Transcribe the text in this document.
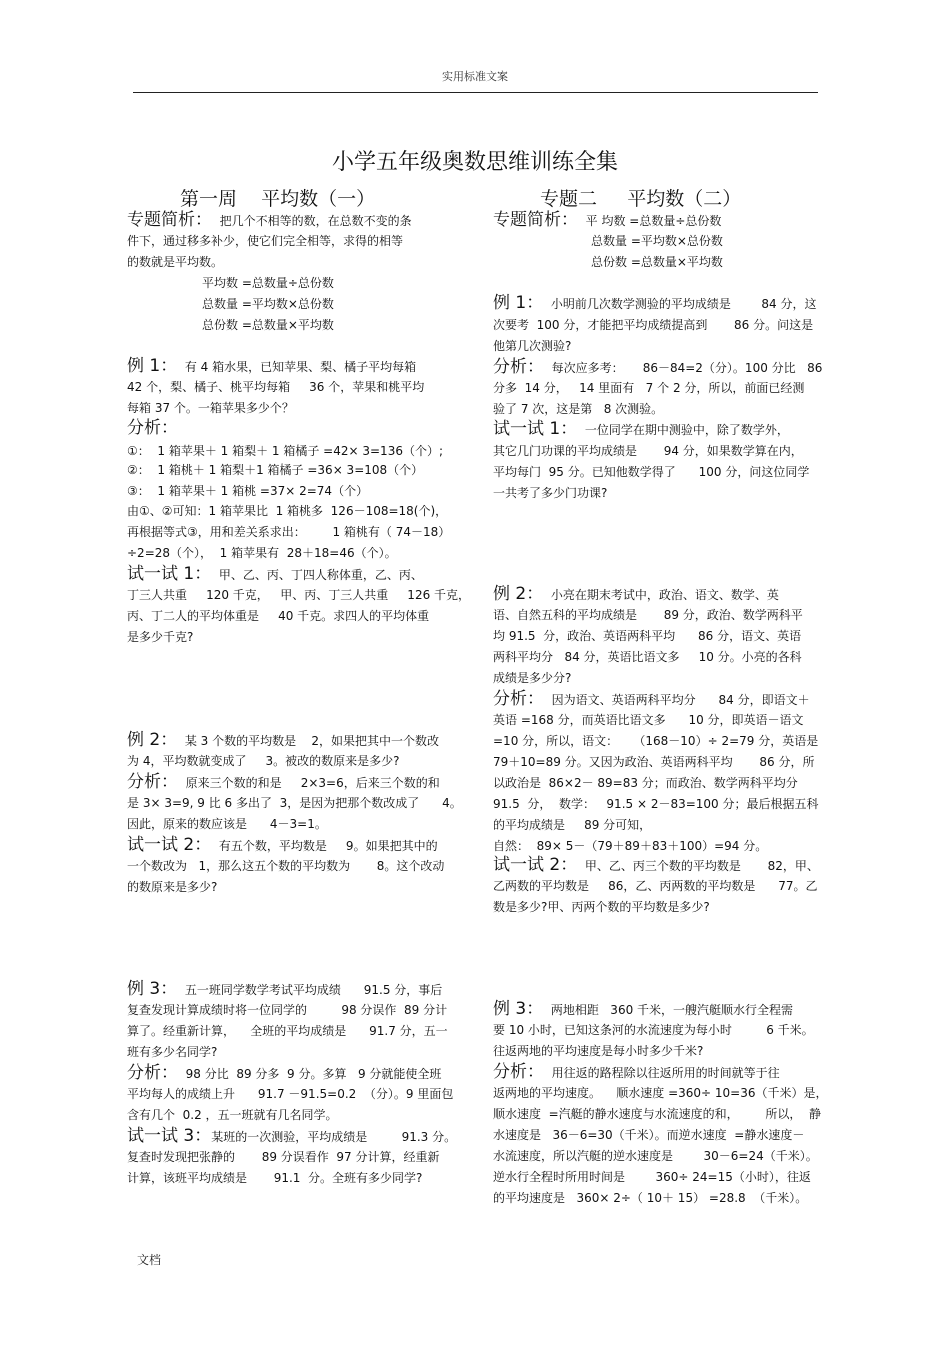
实用标准文案
小学五年级奥数思维训练全集
第一周    平均数（一）	专题二     平均数（二）
专题简析：  把几个不相等的数，在总数不变的条
件下，通过移多补少，使它们完全相等，求得的相等
的数就是平均数。
平均数 =总数量÷总份数
总数量 =平均数×总份数
总份数 =总数量×平均数
例 1：  有 4 箱水果，已知苹果、梨、橘子平均每箱
42 个，梨、橘子、桃平均每箱     36 个，苹果和桃平均
每箱 37 个。一箱苹果多少个？
分析：
①：  1 箱苹果＋ 1 箱梨＋ 1 箱橘子 =42× 3=136（个）;
②：  1 箱桃＋ 1 箱梨＋1 箱橘子 =36× 3=108（个）
③：  1 箱苹果＋ 1 箱桃 =37× 2=74（个）
由①、②可知：1 箱苹果比  1 箱桃多  126－108=18(个)，
再根据等式③，用和差关系求出：       1 箱桃有（ 74－18）
÷2=28（个），  1 箱苹果有  28＋18=46（个）。
试一试 1：  甲、乙、丙、丁四人称体重，乙、丙、
丁三人共重     120 千克，   甲、丙、丁三人共重     126 千克，
丙、丁二人的平均体重是     40 千克。求四人的平均体重
是多少千克?
例 2：  某 3 个数的平均数是    2，如果把其中一个数改
为 4，平均数就变成了     3。被改的数原来是多少?
分析：  原来三个数的和是     2×3=6，后来三个数的和
是 3× 3=9, 9 比 6 多出了  3，是因为把那个数改成了      4。
因此，原来的数应该是      4－3=1。
试一试 2：  有五个数，平均数是     9。如果把其中的
一个数改为   1，那么这五个数的平均数为       8。这个改动
的数原来是多少?
例 3：  五一班同学数学考试平均成绩      91.5 分，事后
复查发现计算成绩时将一位同学的         98 分误作  89 分计
算了。经重新计算，    全班的平均成绩是      91.7 分，五一
班有多少名同学?
分析：  98 分比  89 分多  9 分。多算   9 分就能使全班
平均每人的成绩上升      91.7 －91.5=0.2  （分）。9 里面包
含有几个  0.2 ，五一班就有几名同学。
试一试 3：某班的一次测验，平均成绩是         91.3 分。
复查时发现把张静的       89 分误看作  97 分计算，经重新
计算，该班平均成绩是       91.1  分。全班有多少同学?
专题简析：  平 均数 =总数量÷总份数
总数量 =平均数×总份数
总份数 =总数量×平均数
例 1：  小明前几次数学测验的平均成绩是        84 分，这
次要考  100 分，才能把平均成绩提高到       86 分。问这是
他第几次测验?
分析：  每次应多考：     86－84=2（分）。100 分比   86
分多  14 分，   14 里面有   7 个 2 分，所以，前面已经测
验了 7 次，这是第   8 次测验。
试一试 1：  一位同学在期中测验中，除了数学外，
其它几门功课的平均成绩是       94 分，如果数学算在内，
平均每门  95 分。已知他数学得了      100 分，问这位同学
一共考了多少门功课?
例 2：  小亮在期末考试中，政治、语文、数学、英
语、自然五科的平均成绩是       89 分，政治、数学两科平
均 91.5  分，政治、英语两科平均      86 分，语文、英语
两科平均分   84 分，英语比语文多     10 分。小亮的各科
成绩是多少分?
分析：  因为语文、英语两科平均分      84 分，即语文＋
英语 =168 分，而英语比语文多      10 分，即英语－语文
=10 分，所以，语文：    （168－10）÷ 2=79 分，英语是
79＋10=89 分。又因为政治、英语两科平均       86 分，所
以政治是  86×2－ 89=83 分；而政治、数学两科平均分
91.5  分，  数学：   91.5 × 2－83=100 分；最后根据五科
的平均成绩是     89 分可知，
自然：  89× 5－（79＋89＋83＋100）=94 分。
试一试 2：  甲、乙、丙三个数的平均数是       82，甲、
乙两数的平均数是     86，乙、丙两数的平均数是      77。乙
数是多少?甲、丙两个数的平均数是多少?
例 3：  两地相距   360 千米，一艘汽艇顺水行全程需
要 10 小时，已知这条河的水流速度为每小时         6 千米。
往返两地的平均速度是每小时多少千米?
分析：  用往返的路程除以往返所用的时间就等于往
返两地的平均速度。    顺水速度 =360÷ 10=36（千米）是，
顺水速度  =汽艇的静水速度与水流速度的和，       所以，  静
水速度是   36－6=30（千米）。而逆水速度  =静水速度－
水流速度，所以汽艇的逆水速度是        30－6=24（千米）。
逆水行全程时所用时间是        360÷ 24=15（小时），往返
的平均速度是   360× 2÷（ 10＋ 15） =28.8  （千米）。
文档
